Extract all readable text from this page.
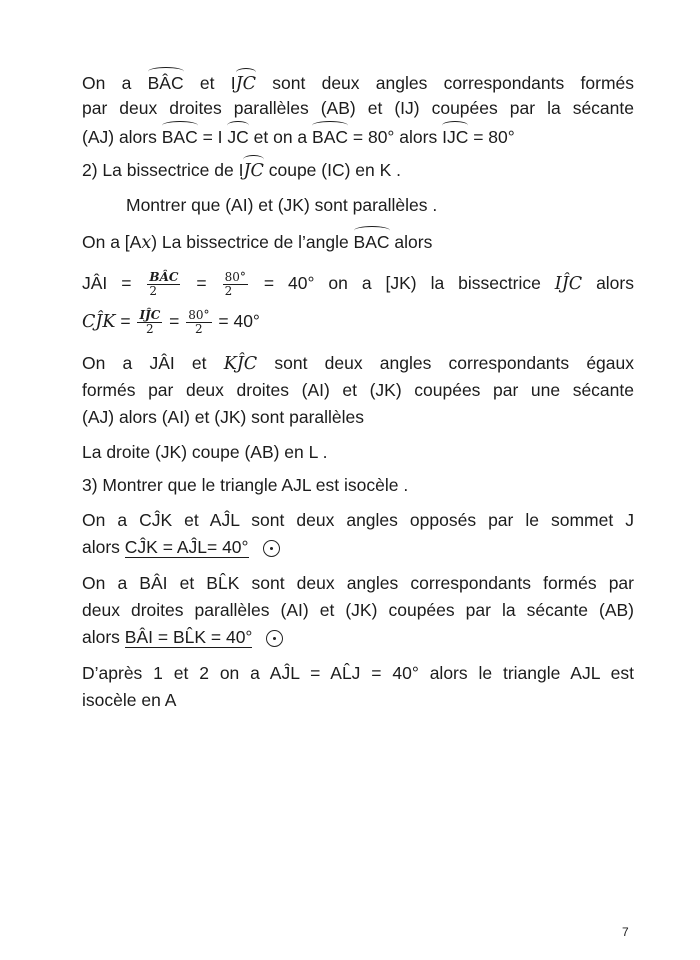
On a BÂC et IJC sont deux angles correspondants formés
par deux droites parallèles (AB) et (IJ) coupées par la sécante
(AJ) alors BAC = I JC et on a BAC = 80° alors IJC = 80°
2) La bissectrice de IJC coupe (IC) en K .
Montrer que (AI) et (JK) sont parallèles .
On a [Ax) La bissectrice de l’angle BAC alors
JÂI = $\frac{\text{BÂC}}{2} = \frac{80^\circ}{2} = 40^\circ$ on a [JK) la bissectrice IĴC alors
CĴK = $\frac{\text{IĴC}}{2} = \frac{80^\circ}{2} = 40^\circ$
On a JÂI et KĴC sont deux angles correspondants égaux
formés par deux droites (AI) et (JK) coupées par une sécante
(AJ) alors (AI) et (JK) sont parallèles
La droite (JK) coupe (AB) en L .
3) Montrer que le triangle AJL est isocèle .
On a CĴK et AĴL sont deux angles opposés par le sommet J
alors CĴK = AĴL= 40°
On a BÂI et BL̂K sont deux angles correspondants formés par
deux droites parallèles (AI) et (JK) coupées par la sécante (AB)
alors BÂI = BL̂K = 40°
D’après 1 et 2 on a AĴL = AL̂J = 40° alors le triangle AJL est
isocèle en A
7
